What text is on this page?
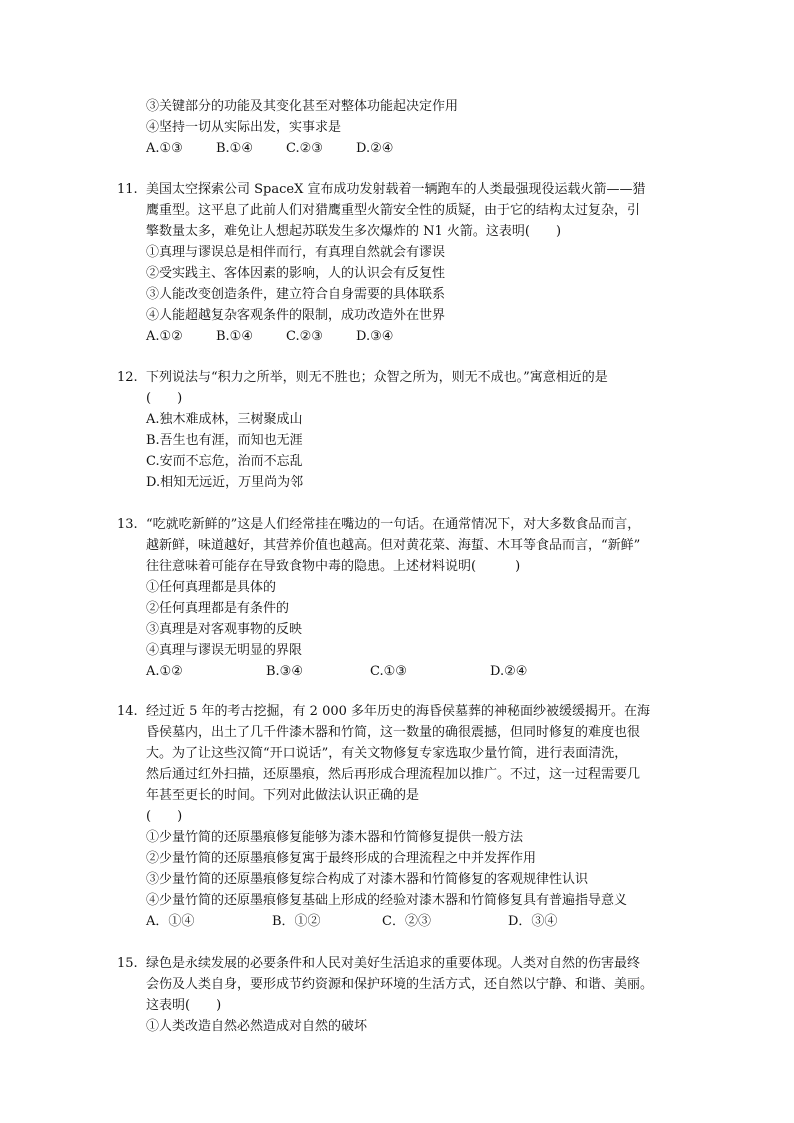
③关键部分的功能及其变化甚至对整体功能起决定作用
④坚持一切从实际出发，实事求是
A.①③	B.①④	C.②③	D.②④
11. 美国太空探索公司 SpaceX 宣布成功发射载着一辆跑车的人类最强现役运载火箭——猎
鹰重型。这平息了此前人们对猎鹰重型火箭安全性的质疑，由于它的结构太过复杂，引
擎数量太多，难免让人想起苏联发生多次爆炸的 N1 火箭。这表明(　　)
①真理与谬误总是相伴而行，有真理自然就会有谬误
②受实践主、客体因素的影响，人的认识会有反复性
③人能改变创造条件，建立符合自身需要的具体联系
④人能超越复杂客观条件的限制，成功改造外在世界
A.①②	B.①④	C.②③	D.③④
12. 下列说法与“积力之所举，则无不胜也；众智之所为，则无不成也。”寓意相近的是
(　　)
A.独木难成林，三树聚成山
B.吾生也有涯，而知也无涯
C.安而不忘危，治而不忘乱
D.相知无远近，万里尚为邻
13. “吃就吃新鲜的”这是人们经常挂在嘴边的一句话。在通常情况下，对大多数食品而言，
越新鲜，味道越好，其营养价值也越高。但对黄花菜、海蜇、木耳等食品而言，“新鲜”
往往意味着可能存在导致食物中毒的隐患。上述材料说明(　　　)
①任何真理都是具体的
②任何真理都是有条件的
③真理是对客观事物的反映
④真理与谬误无明显的界限
A.①②	B.③④	C.①③	D.②④
14. 经过近 5 年的考古挖掘，有 2 000 多年历史的海昏侯墓葬的神秘面纱被缓缓揭开。在海
昏侯墓内，出土了几千件漆木器和竹简，这一数量的确很震撼，但同时修复的难度也很
大。为了让这些汉简“开口说话”，有关文物修复专家选取少量竹简，进行表面清洗，
然后通过红外扫描，还原墨痕，然后再形成合理流程加以推广。不过，这一过程需要几
年甚至更长的时间。下列对此做法认识正确的是
(　　)
①少量竹简的还原墨痕修复能够为漆木器和竹简修复提供一般方法
②少量竹简的还原墨痕修复寓于最终形成的合理流程之中并发挥作用
③少量竹简的还原墨痕修复综合构成了对漆木器和竹简修复的客观规律性认识
④少量竹简的还原墨痕修复基础上形成的经验对漆木器和竹简修复具有普遍指导意义
A．①④	B．①②	C．②③	D．③④
15. 绿色是永续发展的必要条件和人民对美好生活追求的重要体现。人类对自然的伤害最终
会伤及人类自身，要形成节约资源和保护环境的生活方式，还自然以宁静、和谐、美丽。
这表明(　　)
①人类改造自然必然造成对自然的破坏
